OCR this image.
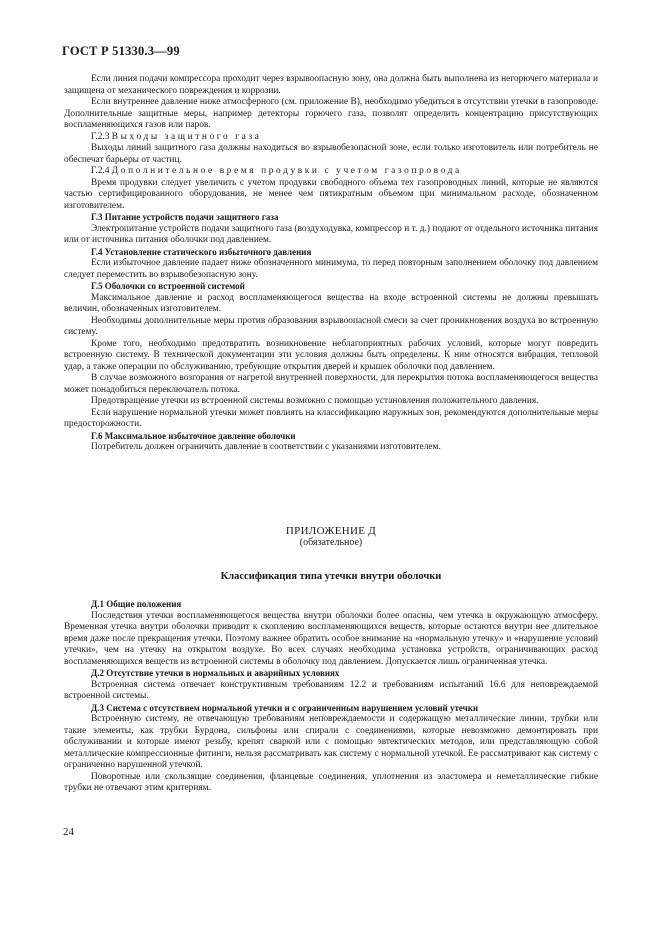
ГОСТ Р 51330.3—99

Если линия подачи компрессора проходит через взрывоопасную зону, она должна быть выполнена из негорючего материала и защищена от механического повреждения и коррозии.

Если внутреннее давление ниже атмосферного (см. приложение В), необходимо убедиться в отсутствии утечки в газопроводе. Дополнительные защитные меры, например детекторы горючего газа, позволят определить концентрацию присутствующих воспламеняющихся газов или паров.

Г.2.3 Выходы защитного газа

Выходы линий защитного газа должны находиться во взрывобезопасной зоне, если только изготовитель или потребитель не обеспечат барьеры от частиц.

Г.2.4 Дополнительное время продувки с учетом газопровода

Время продувки следует увеличить с учетом продувки свободного объема тех газопроводных линий, которые не являются частью сертифицированного оборудования, не менее чем пятикратным объемом при минимальном расходе, обозначенном изготовителем.

Г.3 Питание устройств подачи защитного газа

Электропитание устройств подачи защитного газа (воздуходувка, компрессор и т. д.) подают от отдельного источника питания или от источника питания оболочки под давлением.

Г.4 Установление статического избыточного давления

Если избыточное давление падает ниже обозначенного минимума, то перед повторным заполнением оболочку под давлением следует переместить во взрывобезопасную зону.

Г.5 Оболочки со встроенной системой

Максимальное давление и расход воспламеняющегося вещества на входе встроенной системы не должны превышать величин, обозначенных изготовителем.

Необходимы дополнительные меры против образования взрывоопасной смеси за счет проникновения воздуха во встроенную систему.

Кроме того, необходимо предотвратить возникновение неблагоприятных рабочих условий, которые могут повредить встроенную систему. В технической документации эти условия должны быть определены. К ним относятся вибрация, тепловой удар, а также операции по обслуживанию, требующие открытия дверей и крышек оболочки под давлением.

В случае возможного возгорания от нагретой внутренней поверхности, для перекрытия потока воспламеняющегося вещества может понадобиться переключатель потока.

Предотвращение утечки из встроенной системы возможно с помощью установления положительного давления.

Если нарушение нормальной утечки может повлиять на классификацию наружных зон, рекомендуются дополнительные меры предосторожности.

Г.6 Максимальное избыточное давление оболочки

Потребитель должен ограничить давление в соответствии с указаниями изготовителем.

ПРИЛОЖЕНИЕ Д
(обязательное)
Классификация типа утечки внутри оболочки

Д.1 Общие положения

Последствия утечки воспламеняющегося вещества внутри оболочки более опасны, чем утечка в окружающую атмосферу. Временная утечка внутри оболочки приводит к скоплению воспламеняющихся веществ, которые остаются внутри нее длительное время даже после прекращения утечки. Поэтому важнее обратить особое внимание на «нормальную утечку» и «нарушение условий утечки», чем на утечку на открытом воздухе. Во всех случаях необходима установка устройств, ограничивающих расход воспламеняющихся веществ из встроенной системы в оболочку под давлением. Допускается лишь ограниченная утечка.

Д.2 Отсутствие утечки в нормальных и аварийных условиях

Встроенная система отвечает конструктивным требованиям 12.2 и требованиям испытаний 16.6 для неповреждаемой встроенной системы.

Д.3 Система с отсутствием нормальной утечки и с ограниченным нарушением условий утечки

Встроенную систему, не отвечающую требованиям неповреждаемости и содержащую металлические линии, трубки или такие элементы, как трубки Бурдона, сильфоны или спирали с соединениями, которые невозможно демонтировать при обслуживании и которые имеют резьбу, крепят сваркой или с помощью эвтектических методов, или представляющую собой металлические компрессионные фитинги, нельзя рассматривать как систему с нормальной утечкой. Ее рассматривают как систему с ограниченно нарушенной утечкой.

Поворотные или скользящие соединения, фланцевые соединения, уплотнения из эластомера и неметаллические гибкие трубки не отвечают этим критериям.

24
